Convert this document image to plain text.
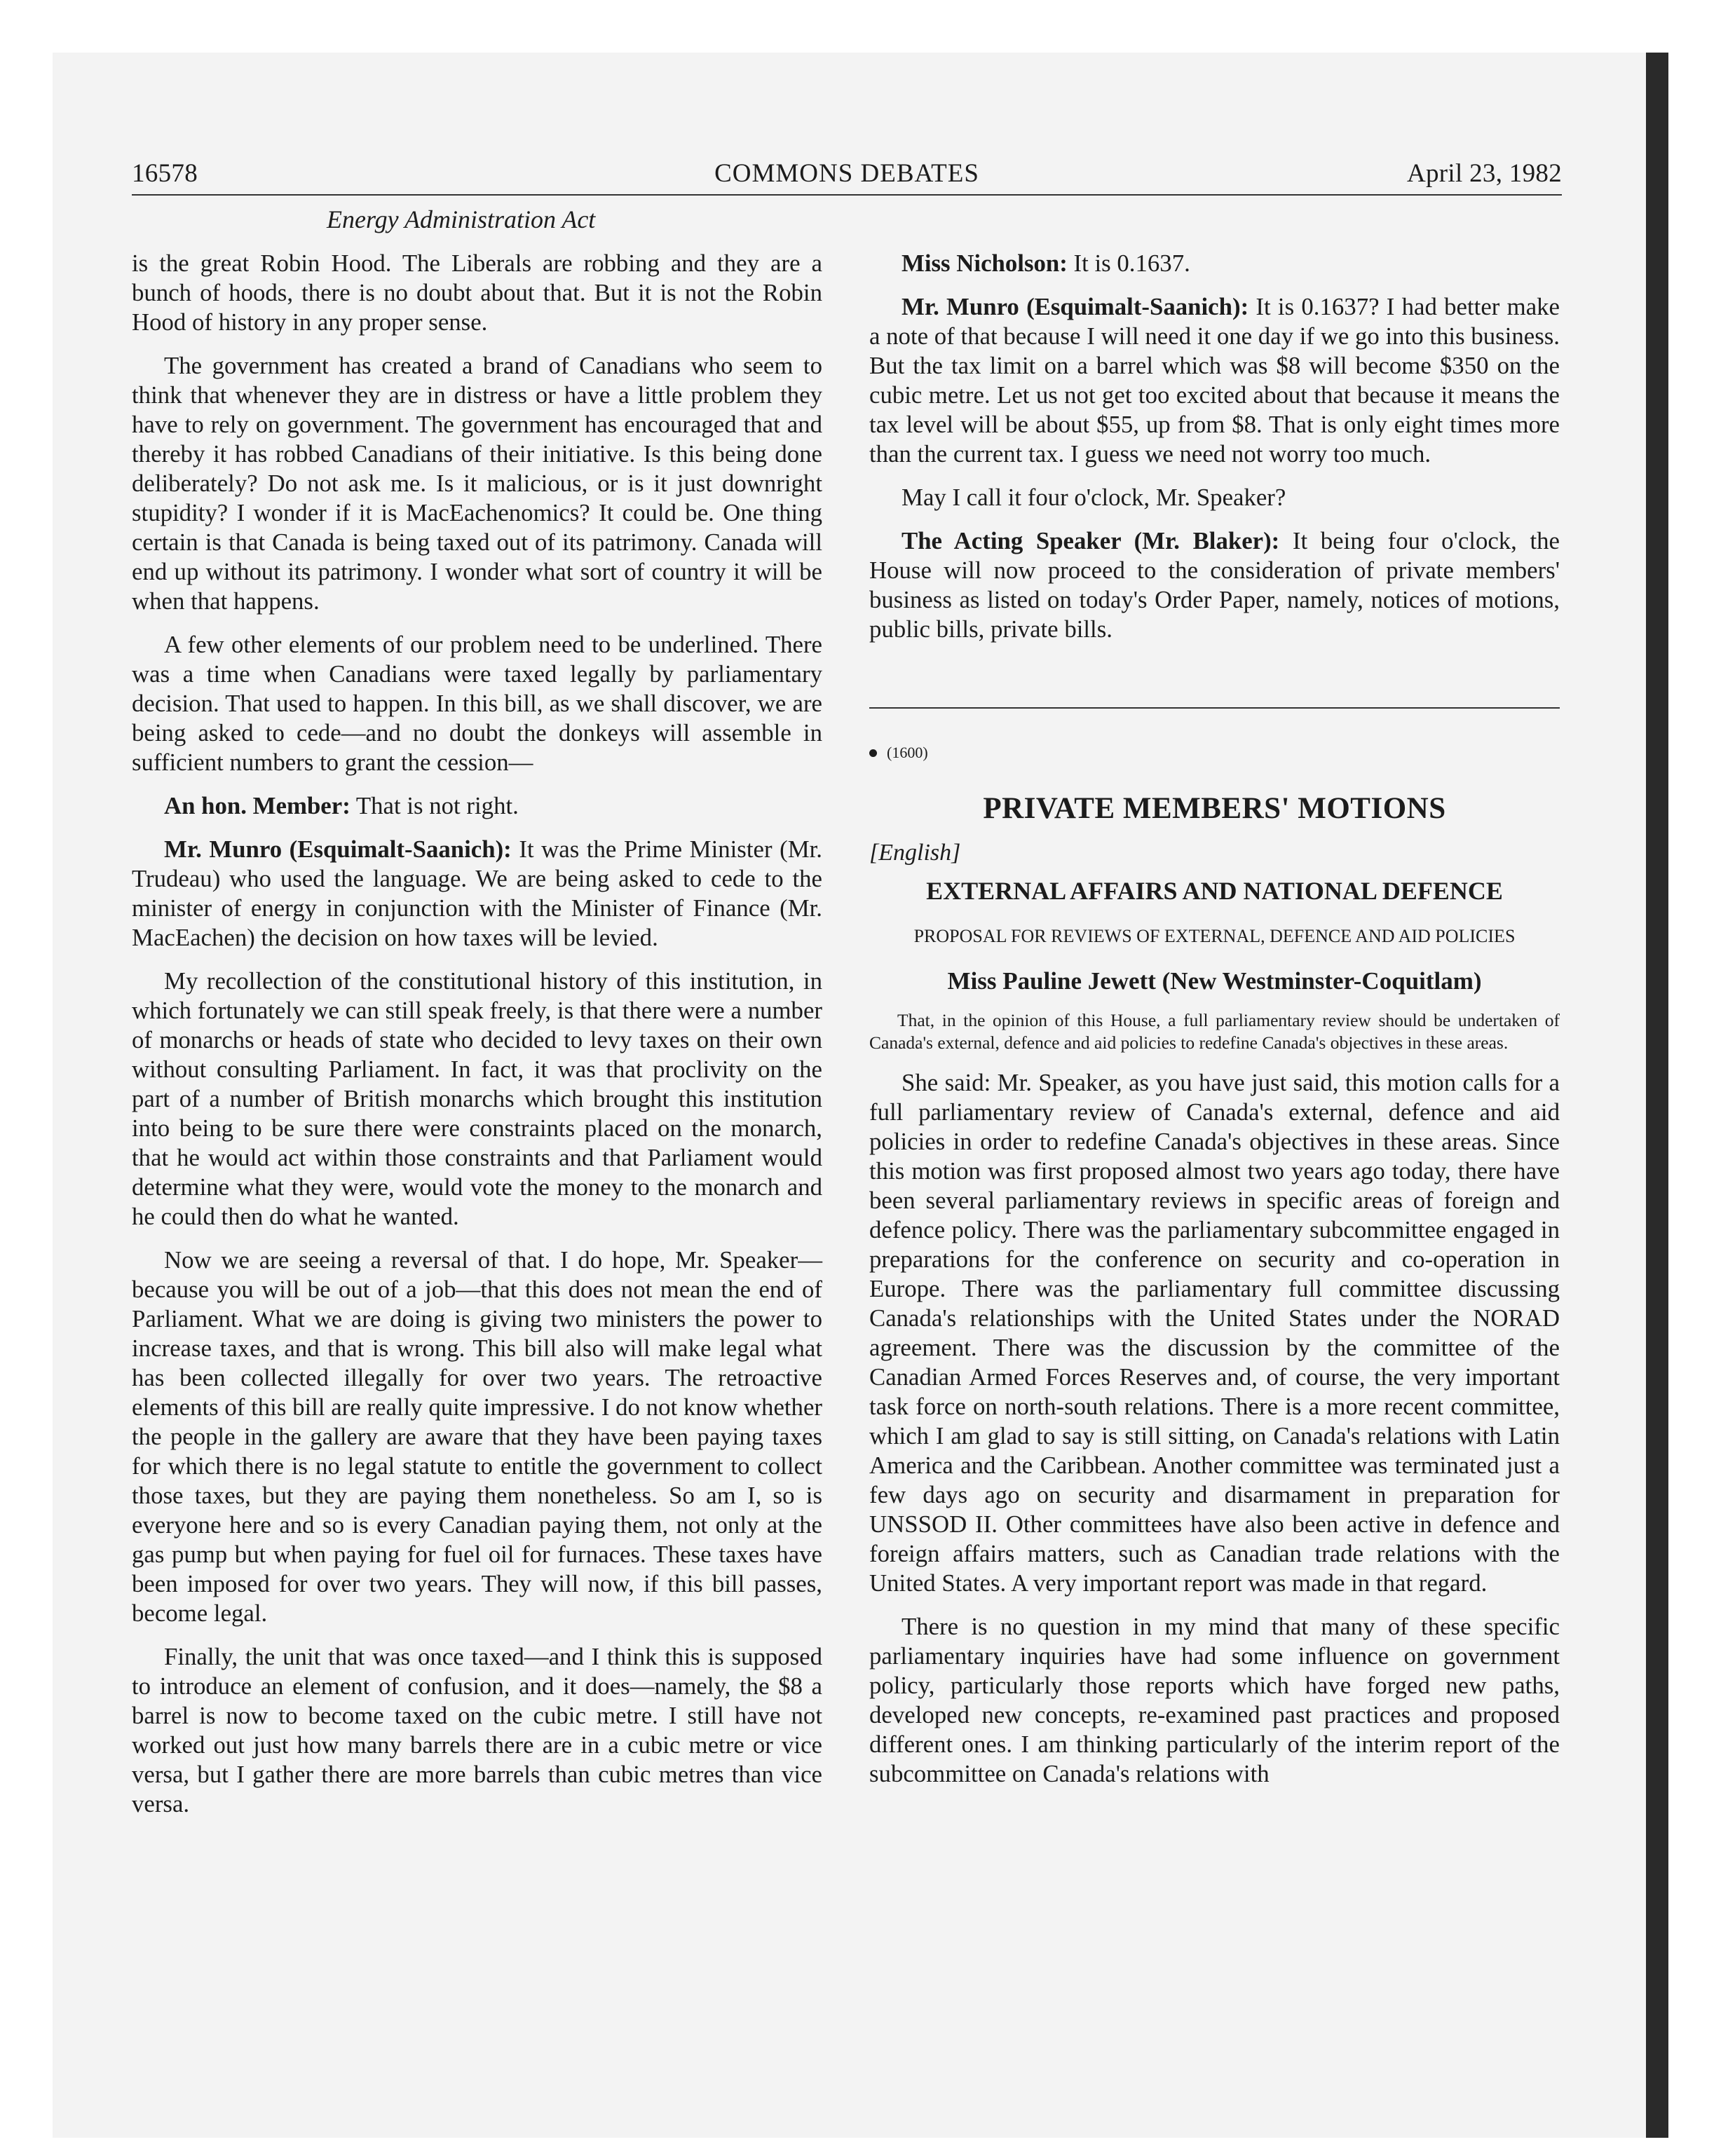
16578	COMMONS DEBATES	April 23, 1982
Energy Administration Act

is the great Robin Hood. The Liberals are robbing and they are a bunch of hoods, there is no doubt about that. But it is not the Robin Hood of history in any proper sense.

The government has created a brand of Canadians who seem to think that whenever they are in distress or have a little problem they have to rely on government. The government has encouraged that and thereby it has robbed Canadians of their initiative. Is this being done deliberately? Do not ask me. Is it malicious, or is it just downright stupidity? I wonder if it is MacEachenomics? It could be. One thing certain is that Canada is being taxed out of its patrimony. Canada will end up without its patrimony. I wonder what sort of country it will be when that happens.

A few other elements of our problem need to be underlined. There was a time when Canadians were taxed legally by parliamentary decision. That used to happen. In this bill, as we shall discover, we are being asked to cede—and no doubt the donkeys will assemble in sufficient numbers to grant the cession—

An hon. Member: That is not right.

Mr. Munro (Esquimalt-Saanich): It was the Prime Minister (Mr. Trudeau) who used the language. We are being asked to cede to the minister of energy in conjunction with the Minister of Finance (Mr. MacEachen) the decision on how taxes will be levied.

My recollection of the constitutional history of this institution, in which fortunately we can still speak freely, is that there were a number of monarchs or heads of state who decided to levy taxes on their own without consulting Parliament. In fact, it was that proclivity on the part of a number of British monarchs which brought this institution into being to be sure there were constraints placed on the monarch, that he would act within those constraints and that Parliament would determine what they were, would vote the money to the monarch and he could then do what he wanted.

Now we are seeing a reversal of that. I do hope, Mr. Speaker—because you will be out of a job—that this does not mean the end of Parliament. What we are doing is giving two ministers the power to increase taxes, and that is wrong. This bill also will make legal what has been collected illegally for over two years. The retroactive elements of this bill are really quite impressive. I do not know whether the people in the gallery are aware that they have been paying taxes for which there is no legal statute to entitle the government to collect those taxes, but they are paying them nonetheless. So am I, so is everyone here and so is every Canadian paying them, not only at the gas pump but when paying for fuel oil for furnaces. These taxes have been imposed for over two years. They will now, if this bill passes, become legal.

Finally, the unit that was once taxed—and I think this is supposed to introduce an element of confusion, and it does—namely, the $8 a barrel is now to become taxed on the cubic metre. I still have not worked out just how many barrels there are in a cubic metre or vice versa, but I gather there are more barrels than cubic metres than vice versa.

Miss Nicholson: It is 0.1637.

Mr. Munro (Esquimalt-Saanich): It is 0.1637? I had better make a note of that because I will need it one day if we go into this business. But the tax limit on a barrel which was $8 will become $350 on the cubic metre. Let us not get too excited about that because it means the tax level will be about $55, up from $8. That is only eight times more than the current tax. I guess we need not worry too much.

May I call it four o'clock, Mr. Speaker?

The Acting Speaker (Mr. Blaker): It being four o'clock, the House will now proceed to the consideration of private members' business as listed on today's Order Paper, namely, notices of motions, public bills, private bills.

(1600)
PRIVATE MEMBERS' MOTIONS
[English]
EXTERNAL AFFAIRS AND NATIONAL DEFENCE
PROPOSAL FOR REVIEWS OF EXTERNAL, DEFENCE AND AID POLICIES
Miss Pauline Jewett (New Westminster-Coquitlam)
That, in the opinion of this House, a full parliamentary review should be undertaken of Canada's external, defence and aid policies to redefine Canada's objectives in these areas.

She said: Mr. Speaker, as you have just said, this motion calls for a full parliamentary review of Canada's external, defence and aid policies in order to redefine Canada's objectives in these areas. Since this motion was first proposed almost two years ago today, there have been several parliamentary reviews in specific areas of foreign and defence policy. There was the parliamentary subcommittee engaged in preparations for the conference on security and co-operation in Europe. There was the parliamentary full committee discussing Canada's relationships with the United States under the NORAD agreement. There was the discussion by the committee of the Canadian Armed Forces Reserves and, of course, the very important task force on north-south relations. There is a more recent committee, which I am glad to say is still sitting, on Canada's relations with Latin America and the Caribbean. Another committee was terminated just a few days ago on security and disarmament in preparation for UNSSOD II. Other committees have also been active in defence and foreign affairs matters, such as Canadian trade relations with the United States. A very important report was made in that regard.

There is no question in my mind that many of these specific parliamentary inquiries have had some influence on government policy, particularly those reports which have forged new paths, developed new concepts, re-examined past practices and proposed different ones. I am thinking particularly of the interim report of the subcommittee on Canada's relations with
